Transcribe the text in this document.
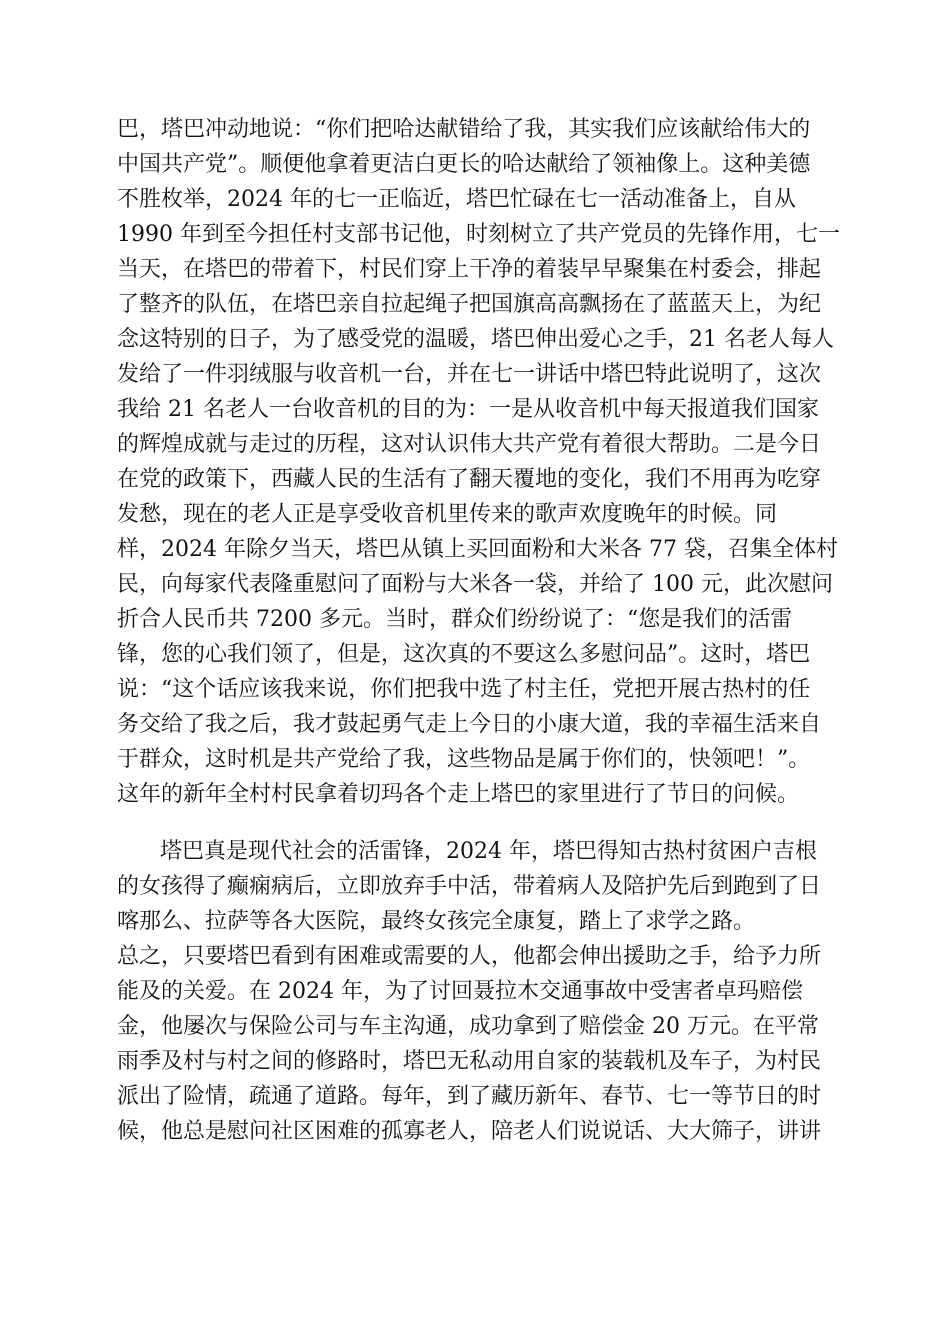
巴，塔巴冲动地说：“你们把哈达献错给了我，其实我们应该献给伟大的
中国共产党”。顺便他拿着更洁白更长的哈达献给了领袖像上。这种美德
不胜枚举，2024 年的七一正临近，塔巴忙碌在七一活动准备上，自从
1990 年到至今担任村支部书记他，时刻树立了共产党员的先锋作用，七一
当天，在塔巴的带着下，村民们穿上干净的着装早早聚集在村委会，排起
了整齐的队伍，在塔巴亲自拉起绳子把国旗高高飘扬在了蓝蓝天上，为纪
念这特别的日子，为了感受党的温暖，塔巴伸出爱心之手，21 名老人每人
发给了一件羽绒服与收音机一台，并在七一讲话中塔巴特此说明了，这次
我给 21 名老人一台收音机的目的为：一是从收音机中每天报道我们国家
的辉煌成就与走过的历程，这对认识伟大共产党有着很大帮助。二是今日
在党的政策下，西藏人民的生活有了翻天覆地的变化，我们不用再为吃穿
发愁，现在的老人正是享受收音机里传来的歌声欢度晚年的时候。同
样，2024 年除夕当天，塔巴从镇上买回面粉和大米各 77 袋，召集全体村
民，向每家代表隆重慰问了面粉与大米各一袋，并给了 100 元，此次慰问
折合人民币共 7200 多元。当时，群众们纷纷说了：“您是我们的活雷
锋，您的心我们领了，但是，这次真的不要这么多慰问品”。这时，塔巴
说：“这个话应该我来说，你们把我中选了村主任，党把开展古热村的任
务交给了我之后，我才鼓起勇气走上今日的小康大道，我的幸福生活来自
于群众，这时机是共产党给了我，这些物品是属于你们的，快领吧！”。
这年的新年全村村民拿着切玛各个走上塔巴的家里进行了节日的问候。
塔巴真是现代社会的活雷锋，2024 年，塔巴得知古热村贫困户吉根
的女孩得了癫痫病后，立即放弃手中活，带着病人及陪护先后到跑到了日
喀那么、拉萨等各大医院，最终女孩完全康复，踏上了求学之路。
总之，只要塔巴看到有困难或需要的人，他都会伸出援助之手，给予力所
能及的关爱。在 2024 年，为了讨回聂拉木交通事故中受害者卓玛赔偿
金，他屡次与保险公司与车主沟通，成功拿到了赔偿金 20 万元。在平常
雨季及村与村之间的修路时，塔巴无私动用自家的装载机及车子，为村民
派出了险情，疏通了道路。每年，到了藏历新年、春节、七一等节日的时
候，他总是慰问社区困难的孤寡老人，陪老人们说说话、大大筛子，讲讲
